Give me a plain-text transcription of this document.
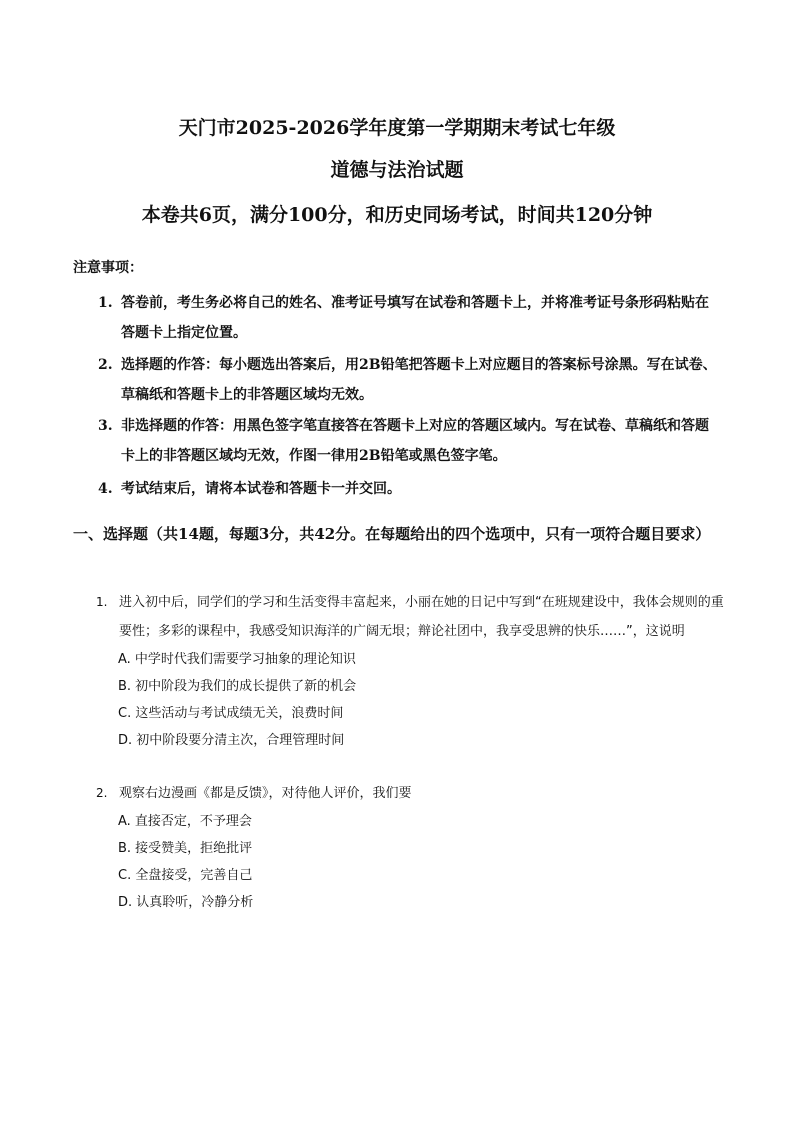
天门市2025-2026学年度第一学期期末考试七年级
道德与法治试题
本卷共6页，满分100分，和历史同场考试，时间共120分钟
注意事项：
1. 答卷前，考生务必将自己的姓名、准考证号填写在试卷和答题卡上，并将准考证号条形码粘贴在答题卡上指定位置。
2. 选择题的作答：每小题选出答案后，用2B铅笔把答题卡上对应题目的答案标号涂黑。写在试卷、草稿纸和答题卡上的非答题区域均无效。
3. 非选择题的作答：用黑色签字笔直接答在答题卡上对应的答题区域内。写在试卷、草稿纸和答题卡上的非答题区域均无效，作图一律用2B铅笔或黑色签字笔。
4. 考试结束后，请将本试卷和答题卡一并交回。
一、选择题（共14题，每题3分，共42分。在每题给出的四个选项中，只有一项符合题目要求）
1. 进入初中后，同学们的学习和生活变得丰富起来，小丽在她的日记中写到“在班规建设中，我体会规则的重要性；多彩的课程中，我感受知识海洋的广阔无垠；辩论社团中，我享受思辨的快乐……”，这说明
A. 中学时代我们需要学习抽象的理论知识
B. 初中阶段为我们的成长提供了新的机会
C. 这些活动与考试成绩无关，浪费时间
D. 初中阶段要分清主次，合理管理时间
2. 观察右边漫画《都是反馈》，对待他人评价，我们要
A. 直接否定，不予理会
B. 接受赞美，拒绝批评
C. 全盘接受，完善自己
D. 认真聆听，冷静分析
